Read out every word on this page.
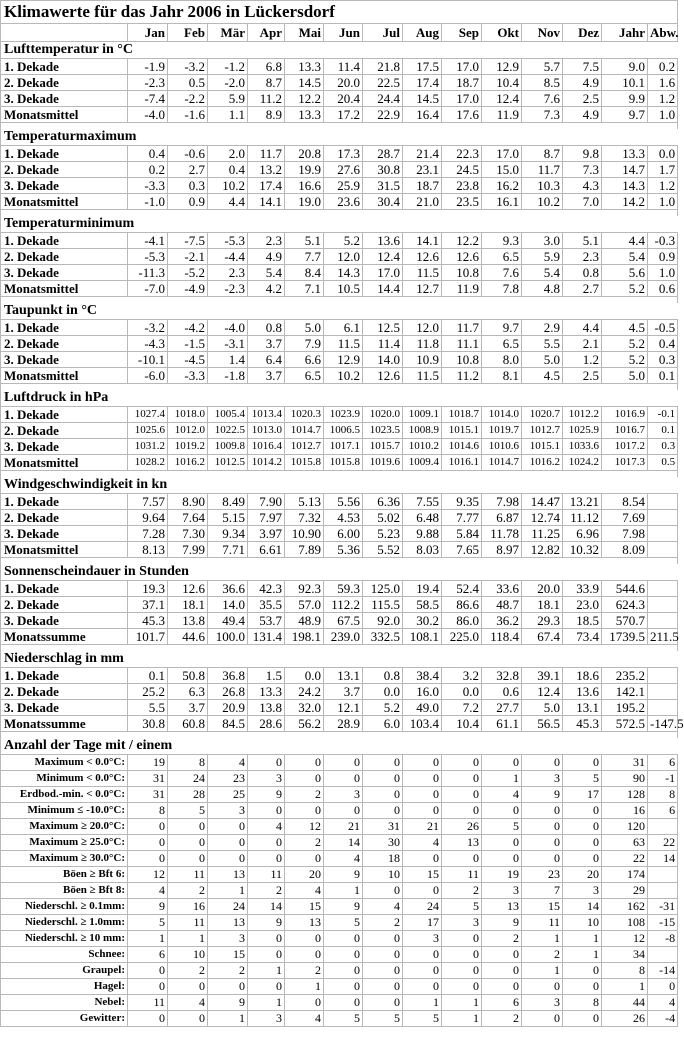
Klimawerte für das Jahr 2006 in Lückersdorf														
	Jan	Feb	Mär	Apr	Mai	Jun	Jul	Aug	Sep	Okt	Nov	Dez	Jahr	Abw.
Lufttemperatur in °C														
1. Dekade	-1.9	-3.2	-1.2	6.8	13.3	11.4	21.8	17.5	17.0	12.9	5.7	7.5	9.0	0.2
2. Dekade	-2.3	0.5	-2.0	8.7	14.5	20.0	22.5	17.4	18.7	10.4	8.5	4.9	10.1	1.6
3. Dekade	-7.4	-2.2	5.9	11.2	12.2	20.4	24.4	14.5	17.0	12.4	7.6	2.5	9.9	1.2
Monatsmittel	-4.0	-1.6	1.1	8.9	13.3	17.2	22.9	16.4	17.6	11.9	7.3	4.9	9.7	1.0

Temperaturmaximum														
1. Dekade	0.4	-0.6	2.0	11.7	20.8	17.3	28.7	21.4	22.3	17.0	8.7	9.8	13.3	0.0
2. Dekade	0.2	2.7	0.4	13.2	19.9	27.6	30.8	23.1	24.5	15.0	11.7	7.3	14.7	1.7
3. Dekade	-3.3	0.3	10.2	17.4	16.6	25.9	31.5	18.7	23.8	16.2	10.3	4.3	14.3	1.2
Monatsmittel	-1.0	0.9	4.4	14.1	19.0	23.6	30.4	21.0	23.5	16.1	10.2	7.0	14.2	1.0

Temperaturminimum														
1. Dekade	-4.1	-7.5	-5.3	2.3	5.1	5.2	13.6	14.1	12.2	9.3	3.0	5.1	4.4	-0.3
2. Dekade	-5.3	-2.1	-4.4	4.9	7.7	12.0	12.4	12.6	12.6	6.5	5.9	2.3	5.4	0.9
3. Dekade	-11.3	-5.2	2.3	5.4	8.4	14.3	17.0	11.5	10.8	7.6	5.4	0.8	5.6	1.0
Monatsmittel	-7.0	-4.9	-2.3	4.2	7.1	10.5	14.4	12.7	11.9	7.8	4.8	2.7	5.2	0.6

Taupunkt in °C														
1. Dekade	-3.2	-4.2	-4.0	0.8	5.0	6.1	12.5	12.0	11.7	9.7	2.9	4.4	4.5	-0.5
2. Dekade	-4.3	-1.5	-3.1	3.7	7.9	11.5	11.4	11.8	11.1	6.5	5.5	2.1	5.2	0.4
3. Dekade	-10.1	-4.5	1.4	6.4	6.6	12.9	14.0	10.9	10.8	8.0	5.0	1.2	5.2	0.3
Monatsmittel	-6.0	-3.3	-1.8	3.7	6.5	10.2	12.6	11.5	11.2	8.1	4.5	2.5	5.0	0.1

Luftdruck in hPa														
1. Dekade	1027.4	1018.0	1005.4	1013.4	1020.3	1023.9	1020.0	1009.1	1018.7	1014.0	1020.7	1012.2	1016.9	-0.1
2. Dekade	1025.6	1012.0	1022.5	1013.0	1014.7	1006.5	1023.5	1008.9	1015.1	1019.7	1012.7	1025.9	1016.7	0.1
3. Dekade	1031.2	1019.2	1009.8	1016.4	1012.7	1017.1	1015.7	1010.2	1014.6	1010.6	1015.1	1033.6	1017.2	0.3
Monatsmittel	1028.2	1016.2	1012.5	1014.2	1015.8	1015.8	1019.6	1009.4	1016.1	1014.7	1016.2	1024.2	1017.3	0.5

Windgeschwindigkeit in kn														
1. Dekade	7.57	8.90	8.49	7.90	5.13	5.56	6.36	7.55	9.35	7.98	14.47	13.21	8.54	
2. Dekade	9.64	7.64	5.15	7.97	7.32	4.53	5.02	6.48	7.77	6.87	12.74	11.12	7.69	
3. Dekade	7.28	7.30	9.34	3.97	10.90	6.00	5.23	9.88	5.84	11.78	11.25	6.96	7.98	
Monatsmittel	8.13	7.99	7.71	6.61	7.89	5.36	5.52	8.03	7.65	8.97	12.82	10.32	8.09	

Sonnenscheindauer in Stunden														
1. Dekade	19.3	12.6	36.6	42.3	92.3	59.3	125.0	19.4	52.4	33.6	20.0	33.9	544.6	
2. Dekade	37.1	18.1	14.0	35.5	57.0	112.2	115.5	58.5	86.6	48.7	18.1	23.0	624.3	
3. Dekade	45.3	13.8	49.4	53.7	48.9	67.5	92.0	30.2	86.0	36.2	29.3	18.5	570.7	
Monatssumme	101.7	44.6	100.0	131.4	198.1	239.0	332.5	108.1	225.0	118.4	67.4	73.4	1739.5	211.5

Niederschlag in mm														
1. Dekade	0.1	50.8	36.8	1.5	0.0	13.1	0.8	38.4	3.2	32.8	39.1	18.6	235.2	
2. Dekade	25.2	6.3	26.8	13.3	24.2	3.7	0.0	16.0	0.0	0.6	12.4	13.6	142.1	
3. Dekade	5.5	3.7	20.9	13.8	32.0	12.1	5.2	49.0	7.2	27.7	5.0	13.1	195.2	
Monatssumme	30.8	60.8	84.5	28.6	56.2	28.9	6.0	103.4	10.4	61.1	56.5	45.3	572.5	-147.5

Anzahl der Tage mit / einem														
Maximum < 0.0°C:	19	8	4	0	0	0	0	0	0	0	0	0	31	6
Minimum < 0.0°C:	31	24	23	3	0	0	0	0	0	1	3	5	90	-1
Erdbod.-min. < 0.0°C:	31	28	25	9	2	3	0	0	0	4	9	17	128	8
Minimum ≤ -10.0°C:	8	5	3	0	0	0	0	0	0	0	0	0	16	6
Maximum ≥ 20.0°C:	0	0	0	4	12	21	31	21	26	5	0	0	120	
Maximum ≥ 25.0°C:	0	0	0	0	2	14	30	4	13	0	0	0	63	22
Maximum ≥ 30.0°C:	0	0	0	0	0	4	18	0	0	0	0	0	22	14
Böen ≥ Bft 6:	12	11	13	11	20	9	10	15	11	19	23	20	174	
Böen ≥ Bft 8:	4	2	1	2	4	1	0	0	2	3	7	3	29	
Niederschl. ≥ 0.1mm:	9	16	24	14	15	9	4	24	5	13	15	14	162	-31
Niederschl. ≥ 1.0mm:	5	11	13	9	13	5	2	17	3	9	11	10	108	-15
Niederschl. ≥ 10 mm:	1	1	3	0	0	0	0	3	0	2	1	1	12	-8
Schnee:	6	10	15	0	0	0	0	0	0	0	2	1	34	
Graupel:	0	2	2	1	2	0	0	0	0	0	1	0	8	-14
Hagel:	0	0	0	0	1	0	0	0	0	0	0	0	1	0
Nebel:	11	4	9	1	0	0	0	1	1	6	3	8	44	4
Gewitter:	0	0	1	3	4	5	5	5	1	2	0	0	26	-4
